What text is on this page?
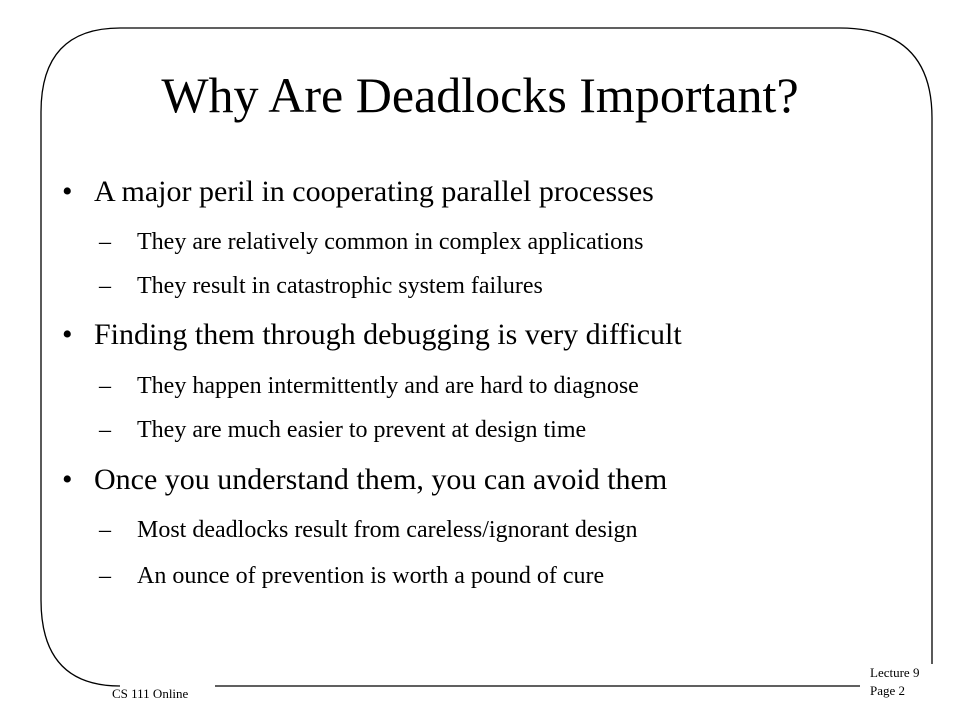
Why Are Deadlocks Important?
• A major peril in cooperating parallel processes
– They are relatively common in complex applications
– They result in catastrophic system failures
• Finding them through debugging is very difficult
– They happen intermittently and are hard to diagnose
– They are much easier to prevent at design time
• Once you understand them, you can avoid them
– Most deadlocks result from careless/ignorant design
– An ounce of prevention is worth a pound of cure
CS 111 Online
Lecture 9
Page 2
